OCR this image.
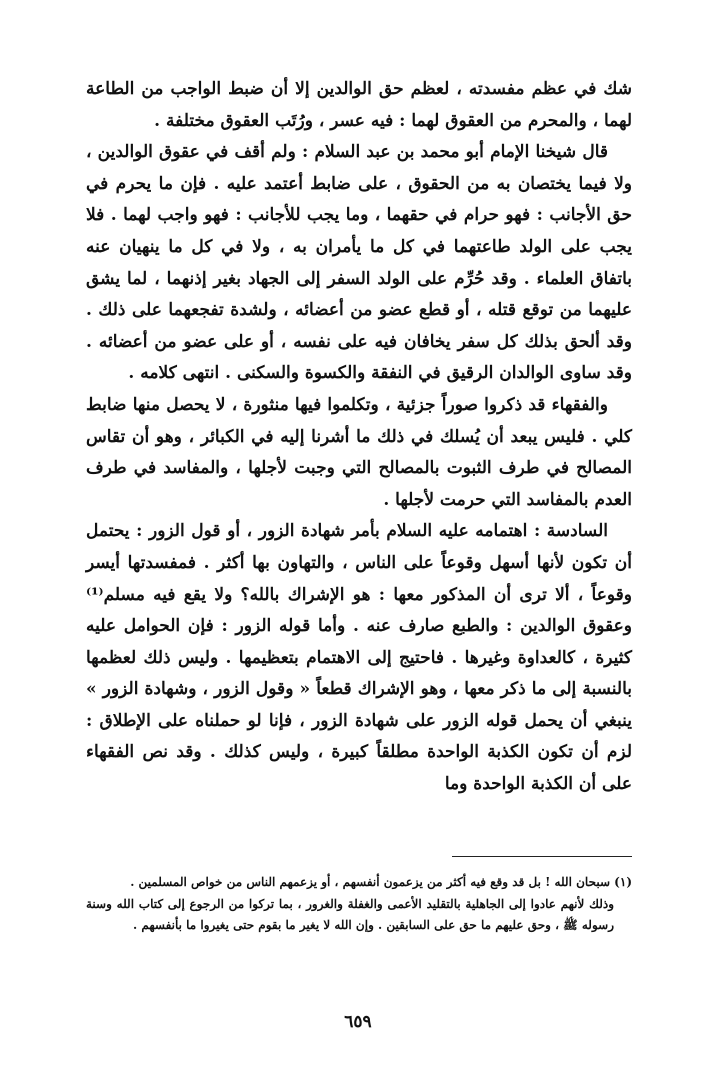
شك في عظم مفسدته ، لعظم حق الوالدين إلا أن ضبط الواجب من الطاعة لهما ، والمحرم من العقوق لهما : فيه عسر ، ورُتَب العقوق مختلفة .

قال شيخنا الإمام أبو محمد بن عبد السلام : ولم أقف في عقوق الوالدين ، ولا فيما يختصان به من الحقوق ، على ضابط أعتمد عليه . فإن ما يحرم في حق الأجانب : فهو حرام في حقهما ، وما يجب للأجانب : فهو واجب لهما . فلا يجب على الولد طاعتهما في كل ما يأمران به ، ولا في كل ما ينهيان عنه باتفاق العلماء . وقد حُرِّم على الولد السفر إلى الجهاد بغير إذنهما ، لما يشق عليهما من توقع قتله ، أو قطع عضو من أعضائه ، ولشدة تفجعهما على ذلك . وقد ألحق بذلك كل سفر يخافان فيه على نفسه ، أو على عضو من أعضائه . وقد ساوى الوالدان الرقيق في النفقة والكسوة والسكنى . انتهى كلامه .

والفقهاء قد ذكروا صوراً جزئية ، وتكلموا فيها منثورة ، لا يحصل منها ضابط كلي . فليس يبعد أن يُسلك في ذلك ما أشرنا إليه في الكبائر ، وهو أن تقاس المصالح في طرف الثبوت بالمصالح التي وجبت لأجلها ، والمفاسد في طرف العدم بالمفاسد التي حرمت لأجلها .

السادسة : اهتمامه عليه السلام بأمر شهادة الزور ، أو قول الزور : يحتمل أن تكون لأنها أسهل وقوعاً على الناس ، والتهاون بها أكثر . فمفسدتها أيسر وقوعاً ، ألا ترى أن المذكور معها : هو الإشراك بالله؟ ولا يقع فيه مسلم⁽¹⁾ وعقوق الوالدين : والطبع صارف عنه . وأما قوله الزور : فإن الحوامل عليه كثيرة ، كالعداوة وغيرها . فاحتيج إلى الاهتمام بتعظيمها . وليس ذلك لعظمها بالنسبة إلى ما ذكر معها ، وهو الإشراك قطعاً « وقول الزور ، وشهادة الزور » ينبغي أن يحمل قوله الزور على شهادة الزور ، فإنا لو حملناه على الإطلاق : لزم أن تكون الكذبة الواحدة مطلقاً كبيرة ، وليس كذلك . وقد نص الفقهاء على أن الكذبة الواحدة وما

(١) سبحان الله ! بل قد وقع فيه أكثر من يزعمون أنفسهم ، أو يزعمهم الناس من خواص المسلمين .

وذلك لأنهم عادوا إلى الجاهلية بالتقليد الأعمى والغفلة والغرور ، بما تركوا من الرجوع إلى كتاب الله وسنة رسوله ﷺ ، وحق عليهم ما حق على السابقين . وإن الله لا يغير ما بقوم حتى يغيروا ما بأنفسهم .

٦٥٩
